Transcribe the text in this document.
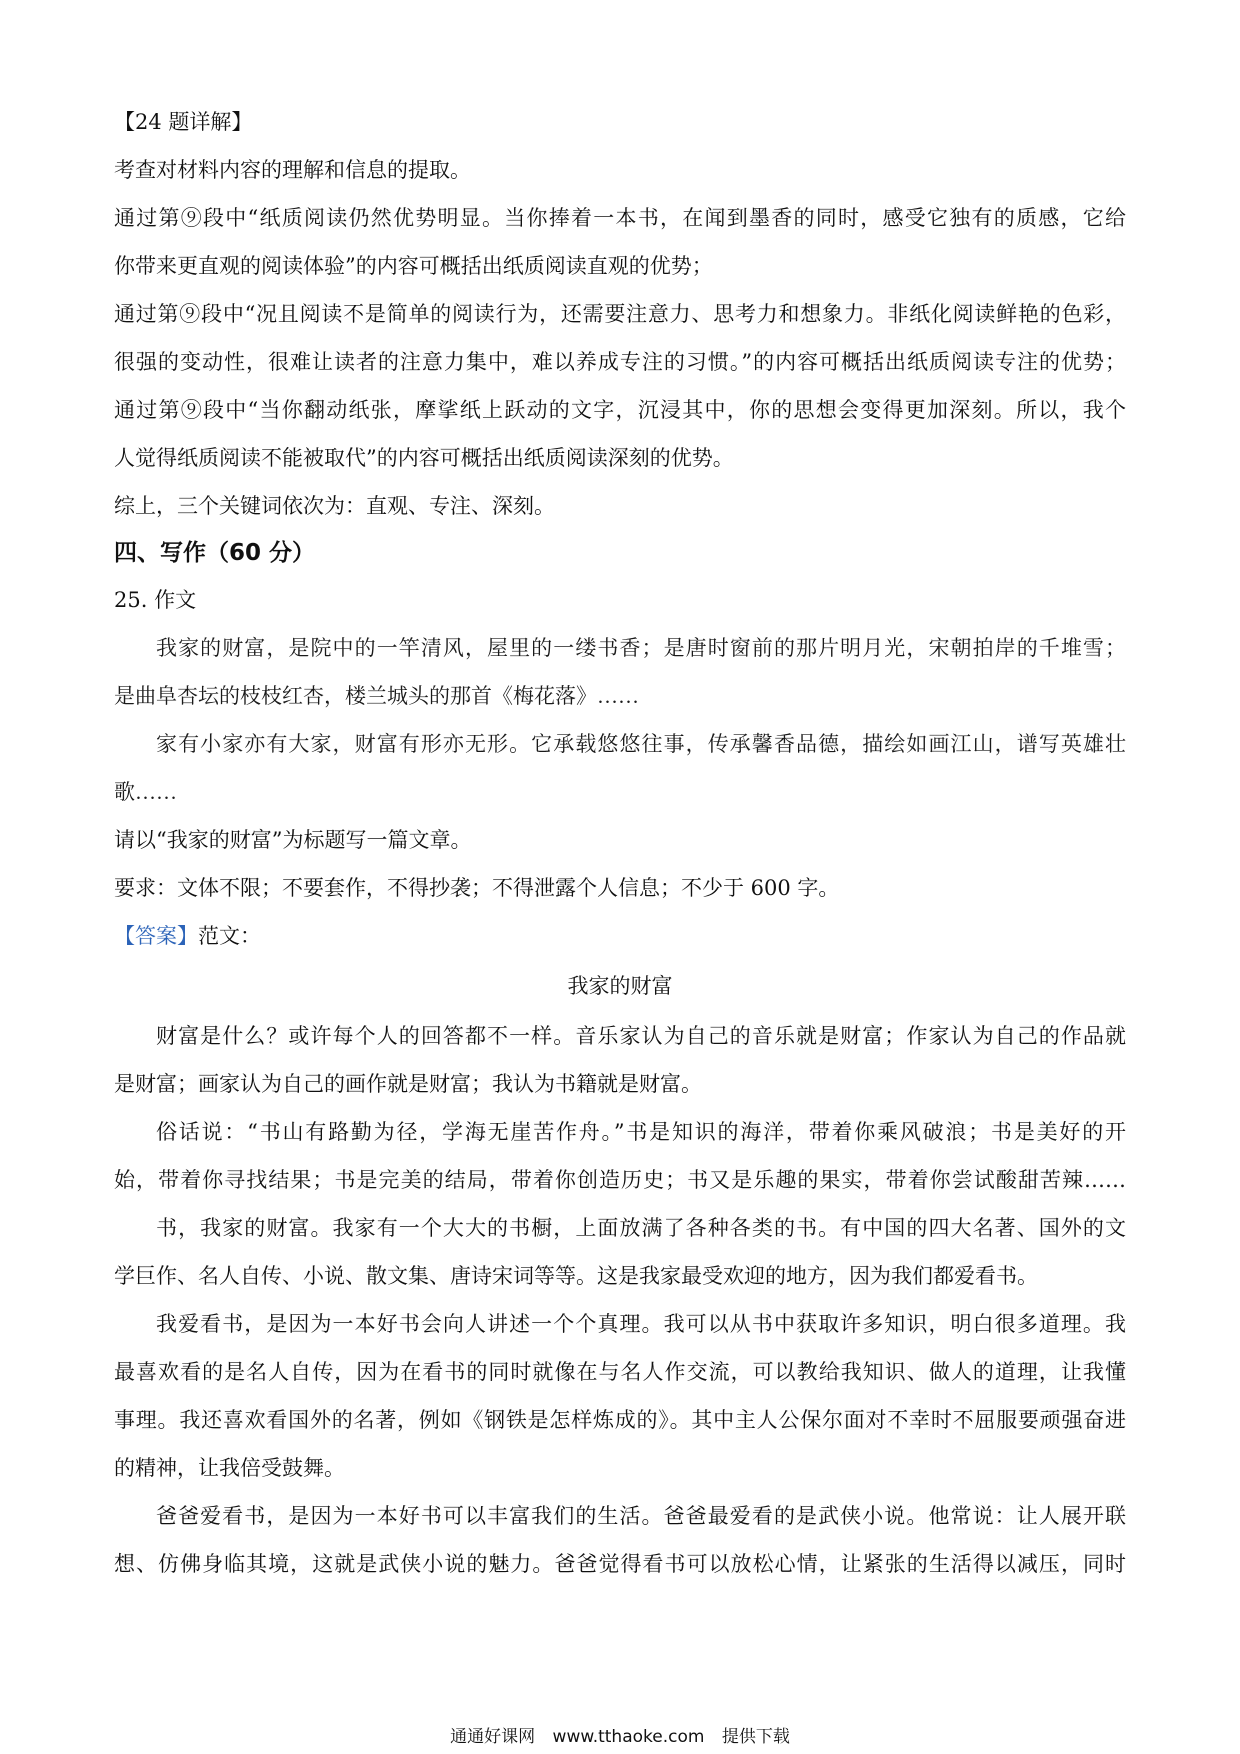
【24 题详解】
考查对材料内容的理解和信息的提取。
通过第⑨段中“纸质阅读仍然优势明显。当你捧着一本书，在闻到墨香的同时，感受它独有的质感，它给
你带来更直观的阅读体验”的内容可概括出纸质阅读直观的优势；
通过第⑨段中“况且阅读不是简单的阅读行为，还需要注意力、思考力和想象力。非纸化阅读鲜艳的色彩，
很强的变动性，很难让读者的注意力集中，难以养成专注的习惯。”的内容可概括出纸质阅读专注的优势；
通过第⑨段中“当你翻动纸张，摩挲纸上跃动的文字，沉浸其中，你的思想会变得更加深刻。所以，我个
人觉得纸质阅读不能被取代”的内容可概括出纸质阅读深刻的优势。
综上，三个关键词依次为：直观、专注、深刻。
四、写作（60 分）
25. 作文
我家的财富，是院中的一竿清风，屋里的一缕书香；是唐时窗前的那片明月光，宋朝拍岸的千堆雪；
是曲阜杏坛的枝枝红杏，楼兰城头的那首《梅花落》……
家有小家亦有大家，财富有形亦无形。它承载悠悠往事，传承馨香品德，描绘如画江山，谱写英雄壮
歌……
请以“我家的财富”为标题写一篇文章。
要求：文体不限；不要套作，不得抄袭；不得泄露个人信息；不少于 600 字。
【答案】范文：
我家的财富
财富是什么？或许每个人的回答都不一样。音乐家认为自己的音乐就是财富；作家认为自己的作品就
是财富；画家认为自己的画作就是财富；我认为书籍就是财富。
俗话说：“书山有路勤为径，学海无崖苦作舟。”书是知识的海洋，带着你乘风破浪；书是美好的开
始，带着你寻找结果；书是完美的结局，带着你创造历史；书又是乐趣的果实，带着你尝试酸甜苦辣……
书，我家的财富。我家有一个大大的书橱，上面放满了各种各类的书。有中国的四大名著、国外的文
学巨作、名人自传、小说、散文集、唐诗宋词等等。这是我家最受欢迎的地方，因为我们都爱看书。
我爱看书，是因为一本好书会向人讲述一个个真理。我可以从书中获取许多知识，明白很多道理。我
最喜欢看的是名人自传，因为在看书的同时就像在与名人作交流，可以教给我知识、做人的道理，让我懂
事理。我还喜欢看国外的名著，例如《钢铁是怎样炼成的》。其中主人公保尔面对不幸时不屈服要顽强奋进
的精神，让我倍受鼓舞。
爸爸爱看书，是因为一本好书可以丰富我们的生活。爸爸最爱看的是武侠小说。他常说：让人展开联
想、仿佛身临其境，这就是武侠小说的魅力。爸爸觉得看书可以放松心情，让紧张的生活得以减压，同时
通通好课网 www.tthaoke.com 提供下载
